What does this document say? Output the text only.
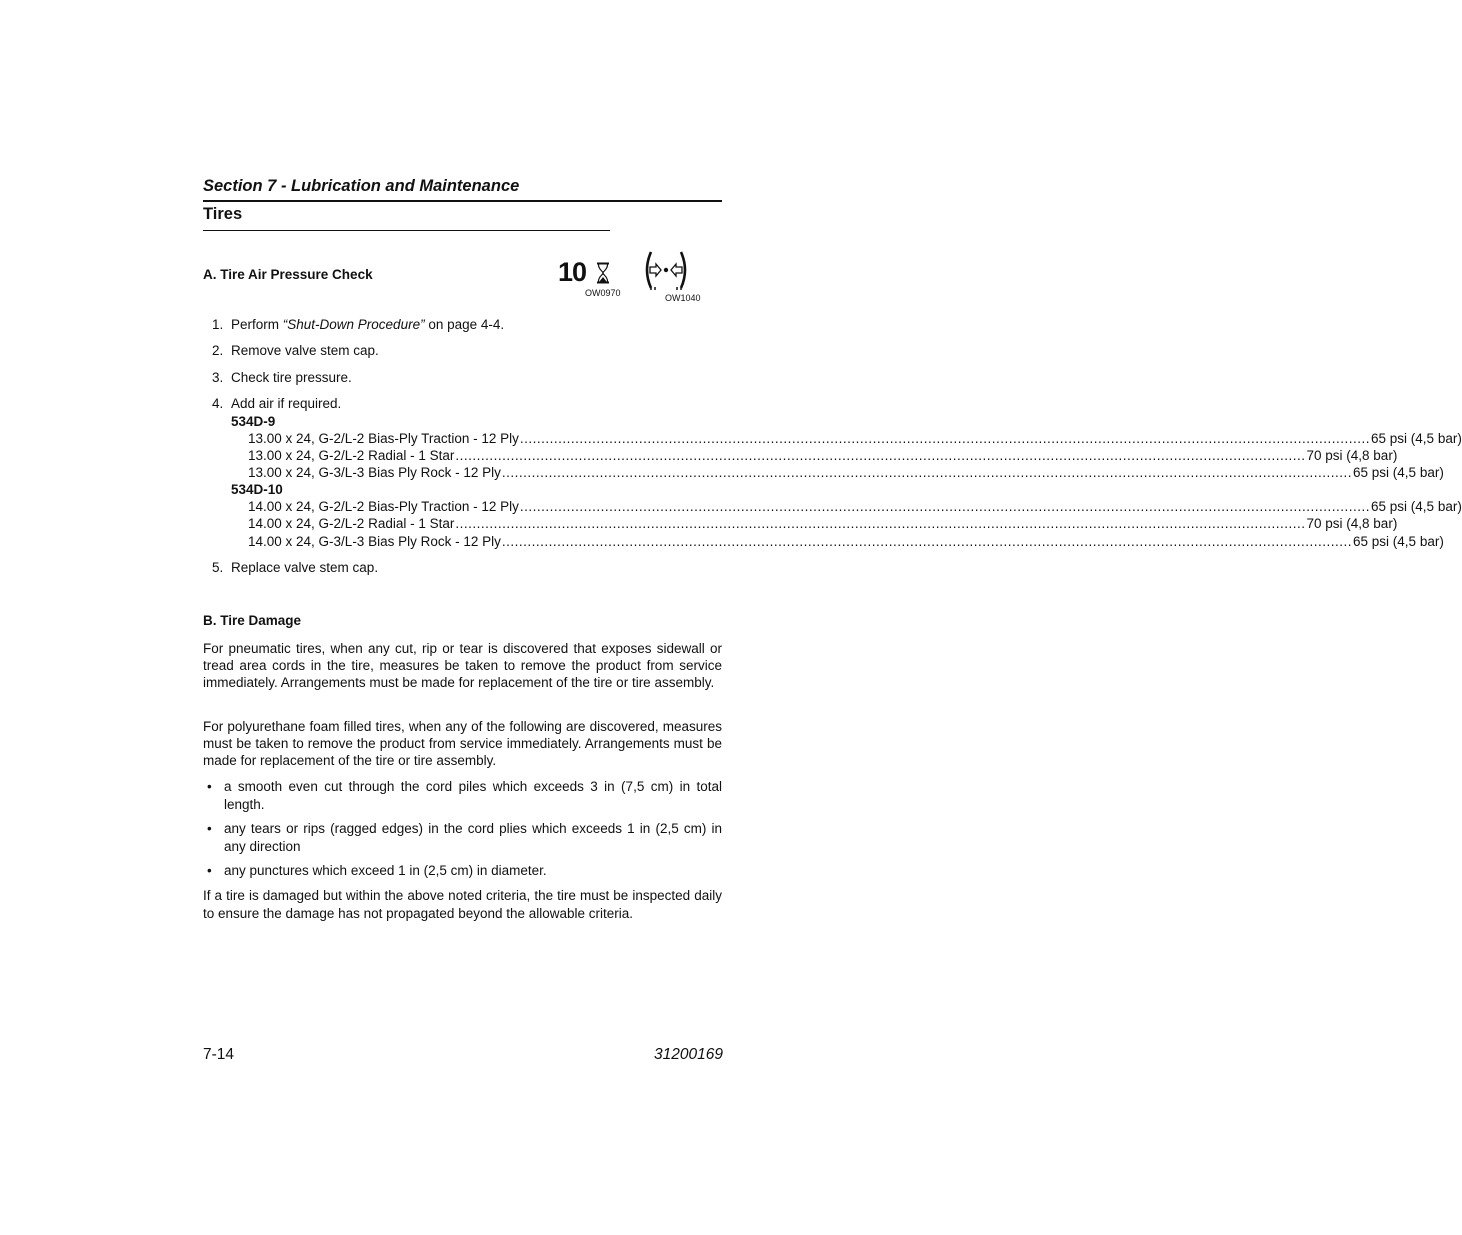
Section 7 - Lubrication and Maintenance
Tires
A. Tire Air Pressure Check	10
OW0970	OW1040
1. Perform “Shut-Down Procedure” on page 4-4.
2. Remove valve stem cap.
3. Check tire pressure.
4. Add air if required.
534D-9
13.00 x 24, G-2/L-2 Bias-Ply Traction - 12 Ply ........................................................................................................................................................................................................ 65 psi (4,5 bar)
13.00 x 24, G-2/L-2 Radial - 1 Star ........................................................................................................................................................................................................ 70 psi (4,8 bar)
13.00 x 24, G-3/L-3 Bias Ply Rock - 12 Ply ........................................................................................................................................................................................................ 65 psi (4,5 bar)
534D-10
14.00 x 24, G-2/L-2 Bias-Ply Traction - 12 Ply ........................................................................................................................................................................................................ 65 psi (4,5 bar)
14.00 x 24, G-2/L-2 Radial - 1 Star ........................................................................................................................................................................................................ 70 psi (4,8 bar)
14.00 x 24, G-3/L-3 Bias Ply Rock - 12 Ply ........................................................................................................................................................................................................ 65 psi (4,5 bar)
5. Replace valve stem cap.
B. Tire Damage
For pneumatic tires, when any cut, rip or tear is discovered that exposes sidewall or tread area cords in the tire, measures be taken to remove the product from service immediately. Arrangements must be made for replacement of the tire or tire assembly.
For polyurethane foam filled tires, when any of the following are discovered, measures must be taken to remove the product from service immediately. Arrangements must be made for replacement of the tire or tire assembly.
• a smooth even cut through the cord piles which exceeds 3 in (7,5 cm) in total length.
• any tears or rips (ragged edges) in the cord plies which exceeds 1 in (2,5 cm) in any direction
• any punctures which exceed 1 in (2,5 cm) in diameter.
If a tire is damaged but within the above noted criteria, the tire must be inspected daily to ensure the damage has not propagated beyond the allowable criteria.
7-14	31200169
